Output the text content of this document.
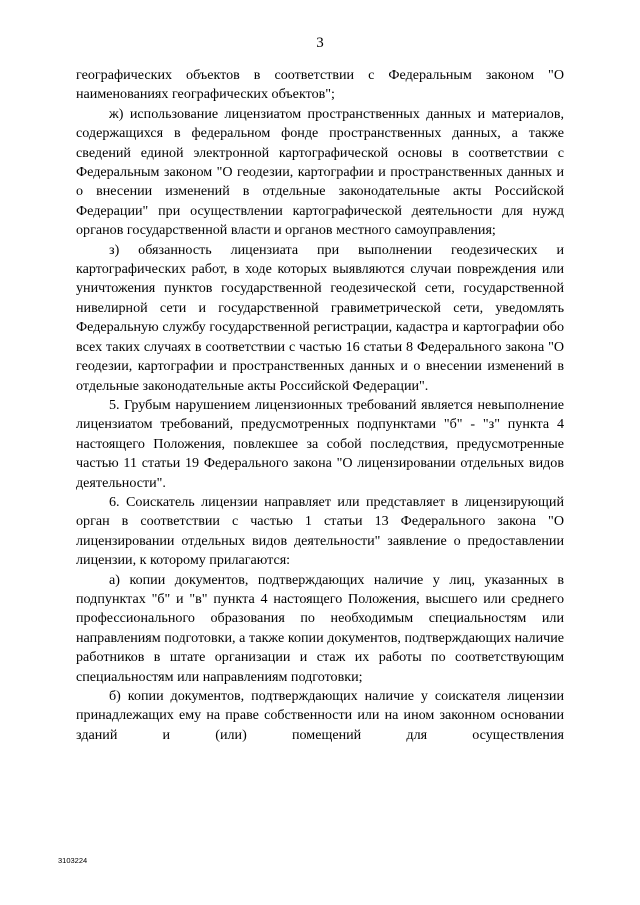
3

географических объектов в соответствии с Федеральным законом "О наименованиях географических объектов";

ж) использование лицензиатом пространственных данных и материалов, содержащихся в федеральном фонде пространственных данных, а также сведений единой электронной картографической основы в соответствии с Федеральным законом "О геодезии, картографии и пространственных данных и о внесении изменений в отдельные законодательные акты Российской Федерации" при осуществлении картографической деятельности для нужд органов государственной власти и органов местного самоуправления;

з) обязанность лицензиата при выполнении геодезических и картографических работ, в ходе которых выявляются случаи повреждения или уничтожения пунктов государственной геодезической сети, государственной нивелирной сети и государственной гравиметрической сети, уведомлять Федеральную службу государственной регистрации, кадастра и картографии обо всех таких случаях в соответствии с частью 16 статьи 8 Федерального закона "О геодезии, картографии и пространственных данных и о внесении изменений в отдельные законодательные акты Российской Федерации".

5. Грубым нарушением лицензионных требований является невыполнение лицензиатом требований, предусмотренных подпунктами "б" - "з" пункта 4 настоящего Положения, повлекшее за собой последствия, предусмотренные частью 11 статьи 19 Федерального закона "О лицензировании отдельных видов деятельности".

6. Соискатель лицензии направляет или представляет в лицензирующий орган в соответствии с частью 1 статьи 13 Федерального закона "О лицензировании отдельных видов деятельности" заявление о предоставлении лицензии, к которому прилагаются:

а) копии документов, подтверждающих наличие у лиц, указанных в подпунктах "б" и "в" пункта 4 настоящего Положения, высшего или среднего профессионального образования по необходимым специальностям или направлениям подготовки, а также копии документов, подтверждающих наличие работников в штате организации и стаж их работы по соответствующим специальностям или направлениям подготовки;

б) копии документов, подтверждающих наличие у соискателя лицензии принадлежащих ему на праве собственности или на ином законном основании зданий и (или) помещений для осуществления

3103224
